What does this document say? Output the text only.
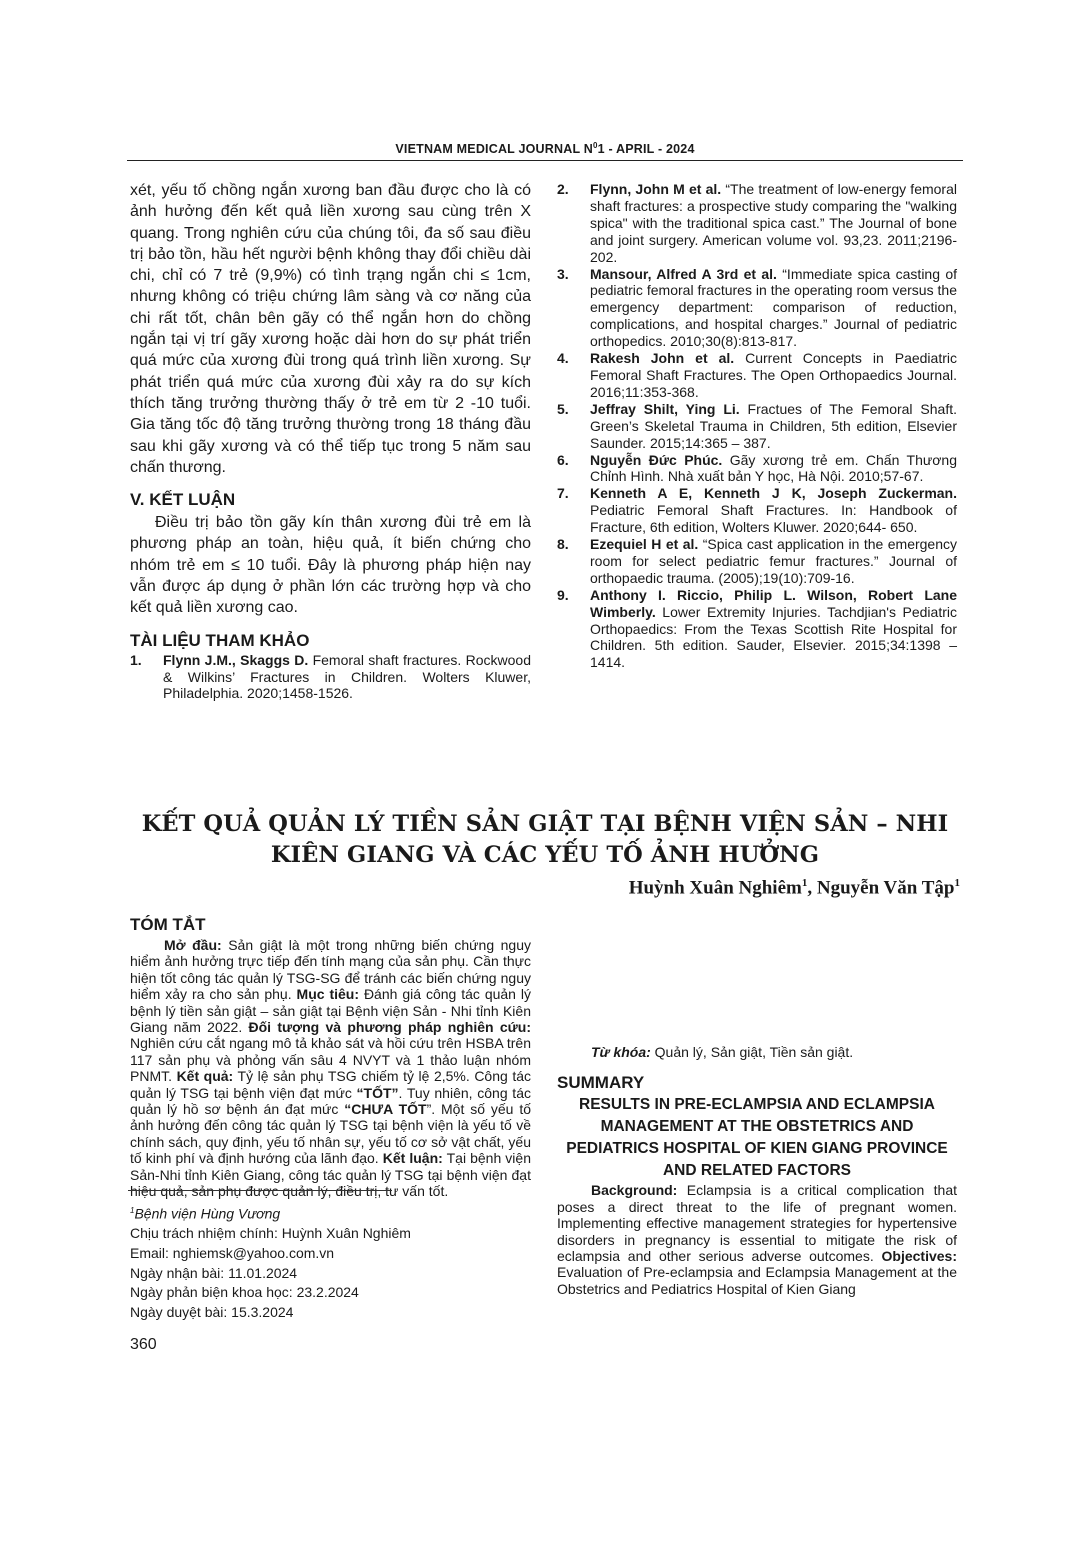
VIETNAM MEDICAL JOURNAL $N^01$ - APRIL - 2024

xét, yếu tố chồng ngắn xương ban đầu được cho là có ảnh hưởng đến kết quả liền xương sau cùng trên X quang. Trong nghiên cứu của chúng tôi, đa số sau điều trị bảo tồn, hầu hết người bệnh không thay đổi chiều dài chi, chỉ có 7 trẻ (9,9%) có tình trạng ngắn chi ≤ 1cm, nhưng không có triệu chứng lâm sàng và cơ năng của chi rất tốt, chân bên gãy có thể ngắn hơn do chồng ngắn tại vị trí gãy xương hoặc dài hơn do sự phát triển quá mức của xương đùi trong quá trình liền xương. Sự phát triển quá mức của xương đùi xảy ra do sự kích thích tăng trưởng thường thấy ở trẻ em từ 2 -10 tuổi. Gia tăng tốc độ tăng trưởng thường trong 18 tháng đầu sau khi gãy xương và có thể tiếp tục trong 5 năm sau chấn thương.

V. KẾT LUẬN

Điều trị bảo tồn gãy kín thân xương đùi trẻ em là phương pháp an toàn, hiệu quả, ít biến chứng cho nhóm trẻ em ≤ 10 tuổi. Đây là phương pháp hiện nay vẫn được áp dụng ở phần lớn các trường hợp và cho kết quả liền xương cao.

TÀI LIỆU THAM KHẢO

1.	Flynn J.M., Skaggs D. Femoral shaft fractures. Rockwood & Wilkins’ Fractures in Children. Wolters Kluwer, Philadelphia. 2020;1458-1526.
2.	Flynn, John M et al. “The treatment of low-energy femoral shaft fractures: a prospective study comparing the "walking spica" with the traditional spica cast.” The Journal of bone and joint surgery. American volume vol. 93,23. 2011;2196-202.
3.	Mansour, Alfred A 3rd et al. “Immediate spica casting of pediatric femoral fractures in the operating room versus the emergency department: comparison of reduction, complications, and hospital charges.” Journal of pediatric orthopedics. 2010;30(8):813-817.
4.	Rakesh John et al. Current Concepts in Paediatric Femoral Shaft Fractures. The Open Orthopaedics Journal. 2016;11:353-368.
5.	Jeffray Shilt, Ying Li. Fractues of The Femoral Shaft. Green’s Skeletal Trauma in Children, 5th edition, Elsevier Saunder. 2015;14:365 – 387.
6.	Nguyễn Đức Phúc. Gãy xương trẻ em. Chấn Thương Chỉnh Hình. Nhà xuất bản Y học, Hà Nội. 2010;57-67.
7.	Kenneth A E, Kenneth J K, Joseph Zuckerman. Pediatric Femoral Shaft Fractures. In: Handbook of Fracture, 6th edition, Wolters Kluwer. 2020;644- 650.
8.	Ezequiel H et al. “Spica cast application in the emergency room for select pediatric femur fractures.” Journal of orthopaedic trauma. (2005);19(10):709-16.
9.	Anthony I. Riccio, Philip L. Wilson, Robert Lane Wimberly. Lower Extremity Injuries. Tachdjian's Pediatric Orthopaedics: From the Texas Scottish Rite Hospital for Children. 5th edition. Sauder, Elsevier. 2015;34:1398 – 1414.
KẾT QUẢ QUẢN LÝ TIỀN SẢN GIẬT TẠI BỆNH VIỆN SẢN – NHI
KIÊN GIANG VÀ CÁC YẾU TỐ ẢNH HƯỞNG
Huỳnh Xuân Nghiêm$^1$, Nguyễn Văn Tập$^1$

TÓM TẮT

Mở đầu: Sản giật là một trong những biến chứng nguy hiểm ảnh hưởng trực tiếp đến tính mạng của sản phụ. Cần thực hiện tốt công tác quản lý TSG-SG để tránh các biến chứng nguy hiểm xảy ra cho sản phụ. Mục tiêu: Đánh giá công tác quản lý bệnh lý tiền sản giật – sản giật tại Bệnh viện Sản - Nhi tỉnh Kiên Giang năm 2022. Đối tượng và phương pháp nghiên cứu: Nghiên cứu cắt ngang mô tả khảo sát và hồi cứu trên HSBA trên 117 sản phụ và phỏng vấn sâu 4 NVYT và 1 thảo luận nhóm PNMT. Kết quả: Tỷ lệ sản phụ TSG chiếm tỷ lệ 2,5%. Công tác quản lý TSG tại bệnh viện đạt mức “TỐT”. Tuy nhiên, công tác quản lý hồ sơ bệnh án đạt mức “CHƯA TỐT”. Một số yếu tố ảnh hưởng đến công tác quản lý TSG tại bệnh viện là yếu tố về chính sách, quy định, yếu tố nhân sự, yếu tố cơ sở vật chất, yếu tố kinh phí và định hướng của lãnh đạo. Kết luận: Tại bệnh viện Sản-Nhi tỉnh Kiên Giang, công tác quản lý TSG tại bệnh viện đạt hiệu quả, sản phụ được quản lý, điều trị, tư vấn tốt.

Từ khóa: Quản lý, Sản giật, Tiền sản giật.

SUMMARY

RESULTS IN PRE-ECLAMPSIA AND ECLAMPSIA MANAGEMENT AT THE OBSTETRICS AND PEDIATRICS HOSPITAL OF KIEN GIANG PROVINCE AND RELATED FACTORS

Background: Eclampsia is a critical complication that poses a direct threat to the life of pregnant women. Implementing effective management strategies for hypertensive disorders in pregnancy is essential to mitigate the risk of eclampsia and other serious adverse outcomes. Objectives: Evaluation of Pre-eclampsia and Eclampsia Management at the Obstetrics and Pediatrics Hospital of Kien Giang

$^1$Bệnh viện Hùng Vương
Chịu trách nhiệm chính: Huỳnh Xuân Nghiêm
Email: nghiemsk@yahoo.com.vn
Ngày nhận bài: 11.01.2024
Ngày phản biện khoa học: 23.2.2024
Ngày duyệt bài: 15.3.2024
360
